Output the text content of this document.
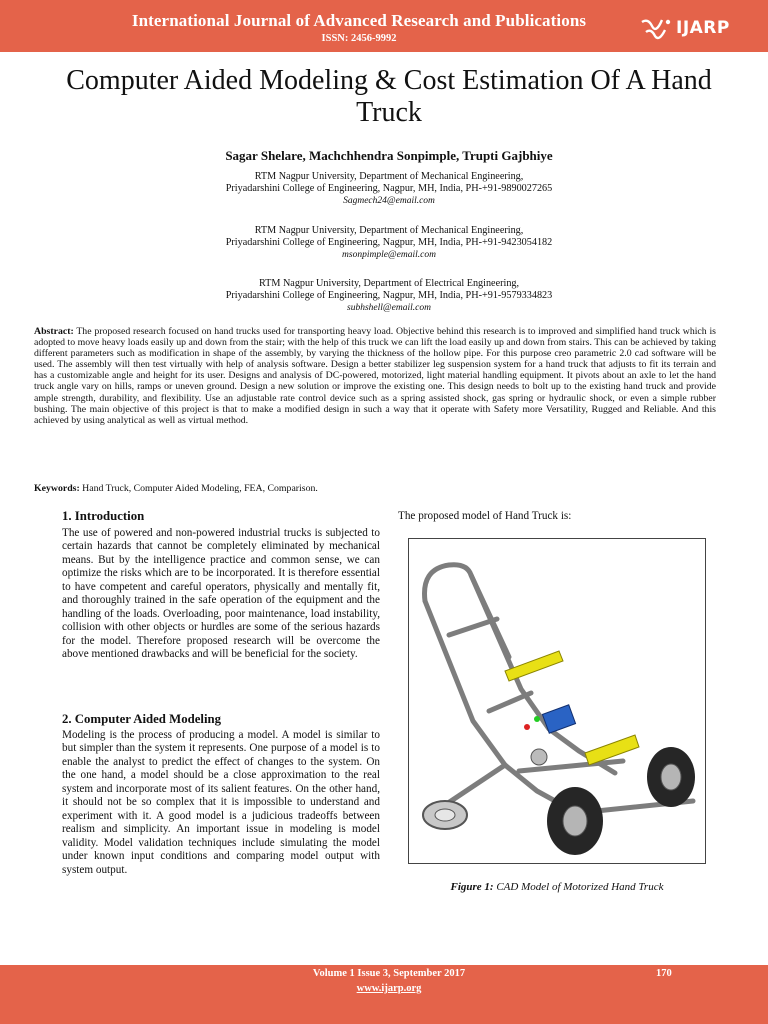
International Journal of Advanced Research and Publications
ISSN: 2456-9992
IJARP
Computer Aided Modeling & Cost Estimation Of A Hand Truck
Sagar Shelare, Machchhendra Sonpimple, Trupti Gajbhiye
RTM Nagpur University, Department of Mechanical Engineering,
Priyadarshini College of Engineering, Nagpur, MH, India, PH-+91-9890027265
Sagmech24@email.com
RTM Nagpur University, Department of Mechanical Engineering,
Priyadarshini College of Engineering, Nagpur, MH, India, PH-+91-9423054182
msonpimple@email.com
RTM Nagpur University, Department of Electrical Engineering,
Priyadarshini College of Engineering, Nagpur, MH, India, PH-+91-9579334823
subhshell@email.com

Abstract: The proposed research focused on hand trucks used for transporting heavy load. Objective behind this research is to improved and simplified hand truck which is adopted to move heavy loads easily up and down from the stair; with the help of this truck we can lift the load easily up and down from stairs. This can be achieved by taking different parameters such as modification in shape of the assembly, by varying the thickness of the hollow pipe. For this purpose creo parametric 2.0 cad software will be used. The assembly will then test virtually with help of analysis software. Design a better stabilizer leg suspension system for a hand truck that adjusts to fit its terrain and has a customizable angle and height for its user. Designs and analysis of DC-powered, motorized, light material handling equipment. It pivots about an axle to let the hand truck angle vary on hills, ramps or uneven ground. Design a new solution or improve the existing one. This design needs to bolt up to the existing hand truck and provide ample strength, durability, and flexibility. Use an adjustable rate control device such as a spring assisted shock, gas spring or hydraulic shock, or even a simple rubber bushing. The main objective of this project is that to make a modified design in such a way that it operate with Safety more Versatility, Rugged and Reliable. And this achieved by using analytical as well as virtual method.

Keywords: Hand Truck, Computer Aided Modeling, FEA, Comparison.

1. Introduction

The use of powered and non-powered industrial trucks is subjected to certain hazards that cannot be completely eliminated by mechanical means. But by the intelligence practice and common sense, we can optimize the risks which are to be incorporated. It is therefore essential to have competent and careful operators, physically and mentally fit, and thoroughly trained in the safe operation of the equipment and the handling of the loads. Overloading, poor maintenance, load instability, collision with other objects or hurdles are some of the serious hazards for the model. Therefore proposed research will be overcome the above mentioned drawbacks and will be beneficial for the society.

2. Computer Aided Modeling

Modeling is the process of producing a model. A model is similar to but simpler than the system it represents. One purpose of a model is to enable the analyst to predict the effect of changes to the system. On the one hand, a model should be a close approximation to the real system and incorporate most of its salient features. On the other hand, it should not be so complex that it is impossible to understand and experiment with it. A good model is a judicious tradeoffs between realism and simplicity. An important issue in modeling is model validity. Model validation techniques include simulating the model under known input conditions and comparing model output with system output.

The proposed model of Hand Truck is:

Figure 1: CAD Model of Motorized Hand Truck

Volume 1 Issue 3, September 2017
www.ijarp.org
170
